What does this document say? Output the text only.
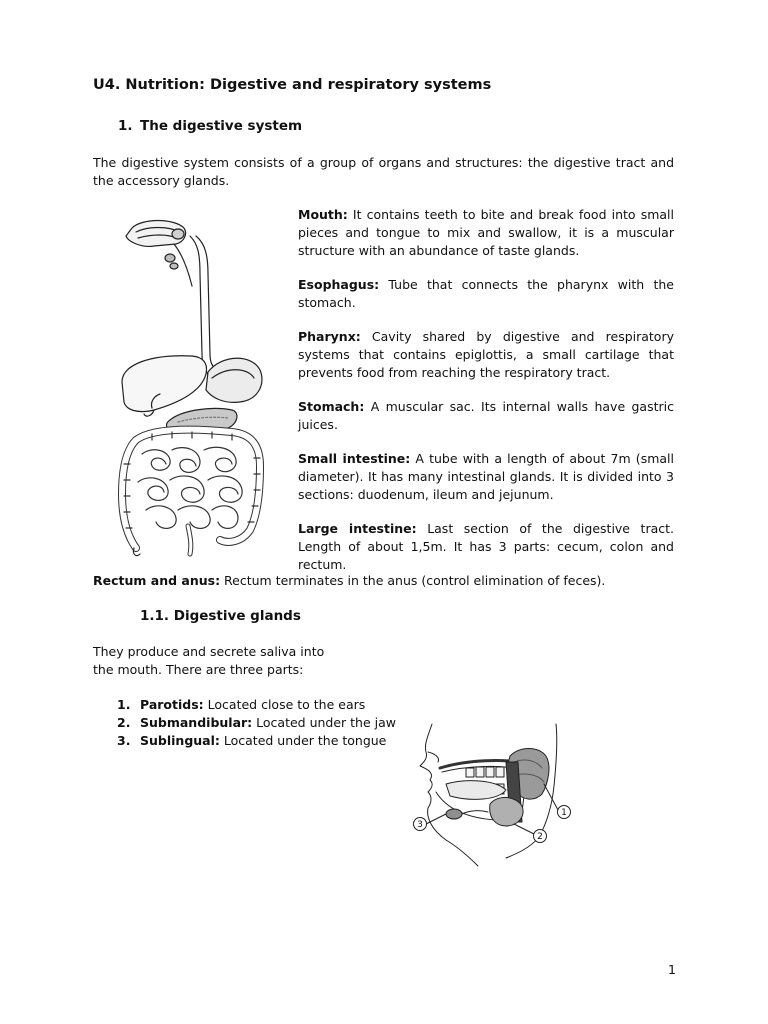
U4. Nutrition: Digestive and respiratory systems
1. The digestive system

The digestive system consists of a group of organs and structures: the digestive tract and the accessory glands.

Mouth: It contains teeth to bite and break food into small pieces and tongue to mix and swallow, it is a muscular structure with an abundance of taste glands.

Esophagus: Tube that connects the pharynx with the stomach.

Pharynx: Cavity shared by digestive and respiratory systems that contains epiglottis, a small cartilage that prevents food from reaching the respiratory tract.

Stomach: A muscular sac. Its internal walls have gastric juices.

Small intestine: A tube with a length of about 7m (small diameter). It has many intestinal glands. It is divided into 3 sections: duodenum, ileum and jejunum.

Large intestine: Last section of the digestive tract. Length of about 1,5m. It has 3 parts: cecum, colon and rectum.

Rectum and anus: Rectum terminates in the anus (control elimination of feces).

1.1. Digestive glands

They produce and secrete saliva into
the mouth. There are three parts:

1. Parotids: Located close to the ears
2. Submandibular: Located under the jaw
3. Sublingual: Located under the tongue
1
2
3
1
